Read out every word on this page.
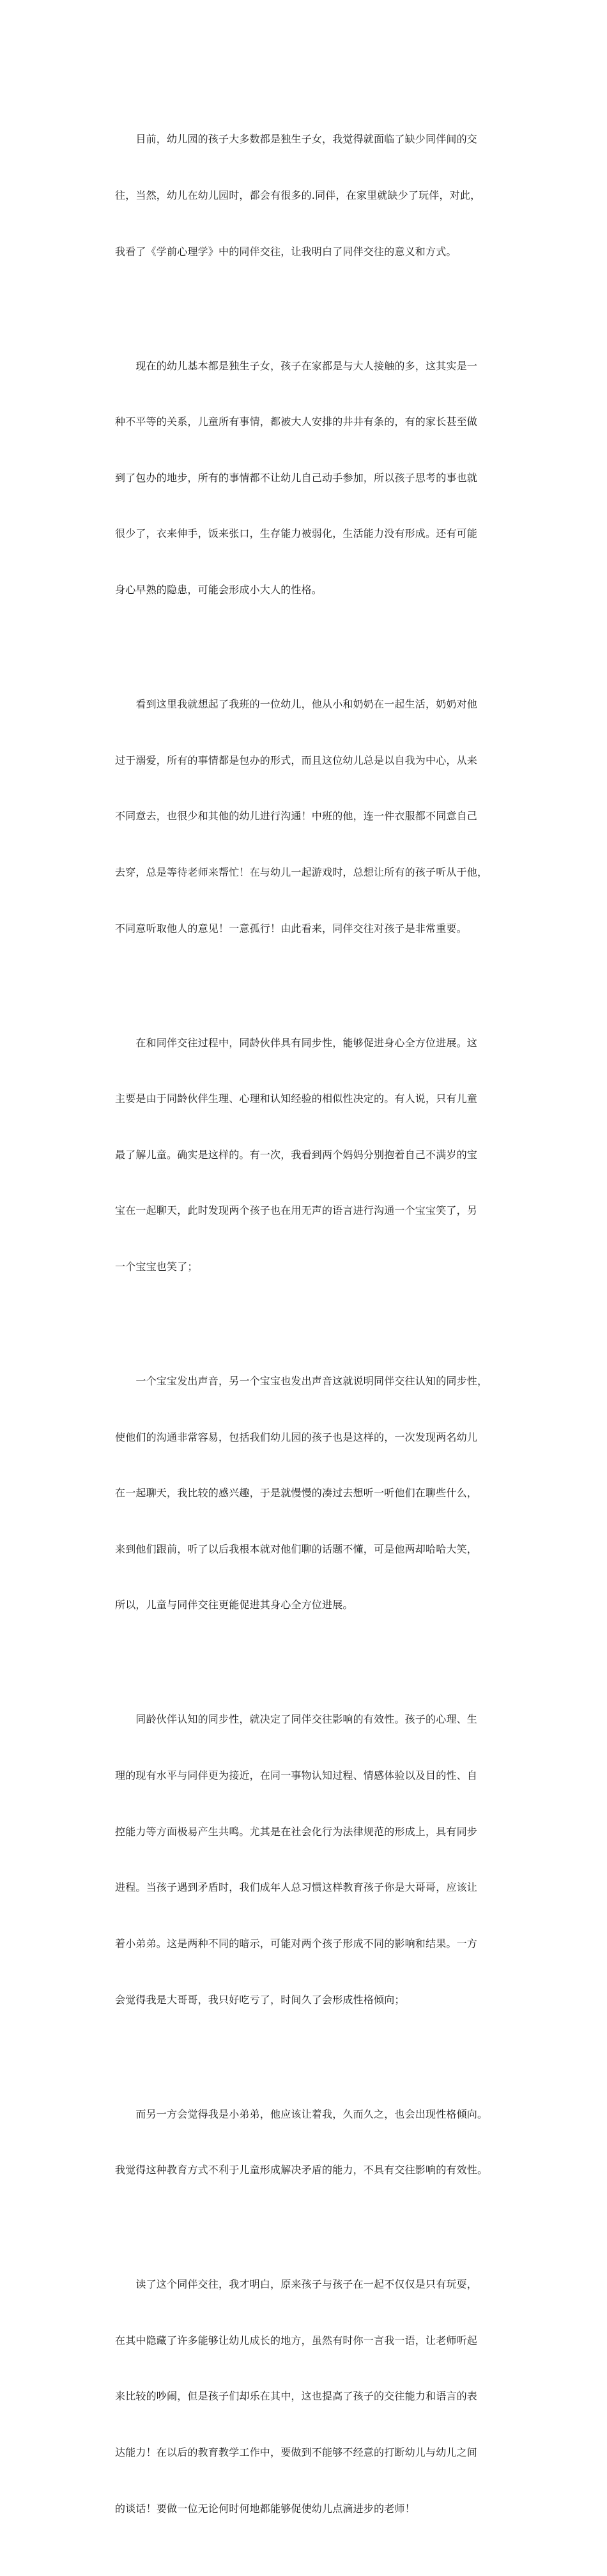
　　目前，幼儿园的孩子大多数都是独生子女，我觉得就面临了缺少同伴间的交

往，当然，幼儿在幼儿园时，都会有很多的.同伴，在家里就缺少了玩伴，对此，

我看了《学前心理学》中的同伴交往，让我明白了同伴交往的意义和方式。

　　现在的幼儿基本都是独生子女，孩子在家都是与大人接触的多，这其实是一

种不平等的关系，儿童所有事情，都被大人安排的井井有条的，有的家长甚至做

到了包办的地步，所有的事情都不让幼儿自己动手参加，所以孩子思考的事也就

很少了，衣来伸手，饭来张口，生存能力被弱化，生活能力没有形成。还有可能

身心早熟的隐患，可能会形成小大人的性格。

　　看到这里我就想起了我班的一位幼儿，他从小和奶奶在一起生活，奶奶对他

过于溺爱，所有的事情都是包办的形式，而且这位幼儿总是以自我为中心，从来

不同意去，也很少和其他的幼儿进行沟通！中班的他，连一件衣服都不同意自己

去穿，总是等待老师来帮忙！在与幼儿一起游戏时，总想让所有的孩子听从于他，

不同意听取他人的意见！一意孤行！由此看来，同伴交往对孩子是非常重要。

　　在和同伴交往过程中，同龄伙伴具有同步性，能够促进身心全方位进展。这

主要是由于同龄伙伴生理、心理和认知经验的相似性决定的。有人说，只有儿童

最了解儿童。确实是这样的。有一次，我看到两个妈妈分别抱着自己不满岁的宝

宝在一起聊天，此时发现两个孩子也在用无声的语言进行沟通一个宝宝笑了，另

一个宝宝也笑了；

　　一个宝宝发出声音，另一个宝宝也发出声音这就说明同伴交往认知的同步性，

使他们的沟通非常容易，包括我们幼儿园的孩子也是这样的，一次发现两名幼儿

在一起聊天，我比较的感兴趣，于是就慢慢的凑过去想听一听他们在聊些什么，

来到他们跟前，听了以后我根本就对他们聊的话题不懂，可是他两却哈哈大笑，

所以，儿童与同伴交往更能促进其身心全方位进展。

　　同龄伙伴认知的同步性，就决定了同伴交往影响的有效性。孩子的心理、生

理的现有水平与同伴更为接近，在同一事物认知过程、情感体验以及目的性、自

控能力等方面极易产生共鸣。尤其是在社会化行为法律规范的形成上，具有同步

进程。当孩子遇到矛盾时，我们成年人总习惯这样教育孩子你是大哥哥，应该让

着小弟弟。这是两种不同的暗示，可能对两个孩子形成不同的影响和结果。一方

会觉得我是大哥哥，我只好吃亏了，时间久了会形成性格倾向；

　　而另一方会觉得我是小弟弟，他应该让着我，久而久之，也会出现性格倾向。

我觉得这种教育方式不利于儿童形成解决矛盾的能力，不具有交往影响的有效性。

　　读了这个同伴交往，我才明白，原来孩子与孩子在一起不仅仅是只有玩耍，

在其中隐藏了许多能够让幼儿成长的地方，虽然有时你一言我一语，让老师听起

来比较的吵闹，但是孩子们却乐在其中，这也提高了孩子的交往能力和语言的表

达能力！在以后的教育教学工作中，要做到不能够不经意的打断幼儿与幼儿之间

的谈话！要做一位无论何时何地都能够促使幼儿点滴进步的老师！
